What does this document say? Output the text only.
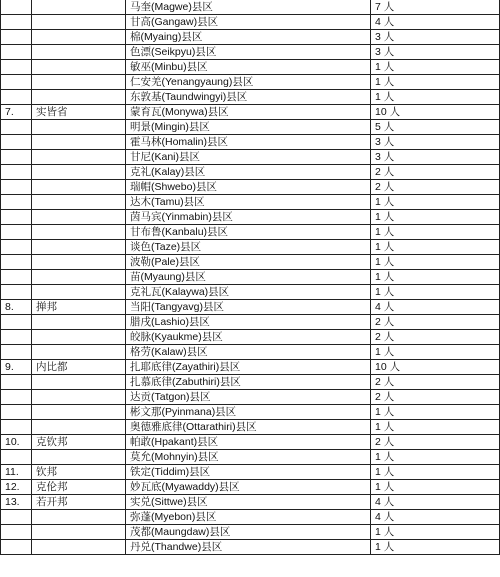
		马奎(Magwe)县区	7 人
		甘高(Gangaw)县区	4 人
		棉(Myaing)县区	3 人
		色漂(Seikpyu)县区	3 人
		敏巫(Minbu)县区	1 人
		仁安羌(Yenangyaung)县区	1 人
		东敦基(Taundwingyi)县区	1 人
7.	实皆省	蒙育瓦(Monywa)县区	10 人
		明景(Mingin)县区	5 人
		霍马林(Homalin)县区	3 人
		甘尼(Kani)县区	3 人
		克礼(Kalay)县区	2 人
		瑞帽(Shwebo)县区	2 人
		达木(Tamu)县区	1 人
		茵马宾(Yinmabin)县区	1 人
		甘布鲁(Kanbalu)县区	1 人
		谈色(Taze)县区	1 人
		波勒(Pale)县区	1 人
		苗(Myaung)县区	1 人
		克礼瓦(Kalaywa)县区	1 人
8.	掸邦	当阳(Tangyavg)县区	4 人
		腊戌(Lashio)县区	2 人
		皎脉(Kyaukme)县区	2 人
		格劳(Kalaw)县区	1 人
9.	内比都	扎耶底律(Zayathiri)县区	10 人
		扎慕底律(Zabuthiri)县区	2 人
		达贡(Tatgon)县区	2 人
		彬文那(Pyinmana)县区	1 人
		奥德雅底律(Ottarathiri)县区	1 人
10.	克钦邦	帕敢(Hpakant)县区	2 人
		莫允(Mohnyin)县区	1 人
11.	钦邦	铁定(Tiddim)县区	1 人
12.	克伦邦	妙瓦底(Myawaddy)县区	1 人
13.	若开邦	实兑(Sittwe)县区	4 人
		弥蓬(Myebon)县区	4 人
		茂都(Maungdaw)县区	1 人
		丹兑(Thandwe)县区	1 人
